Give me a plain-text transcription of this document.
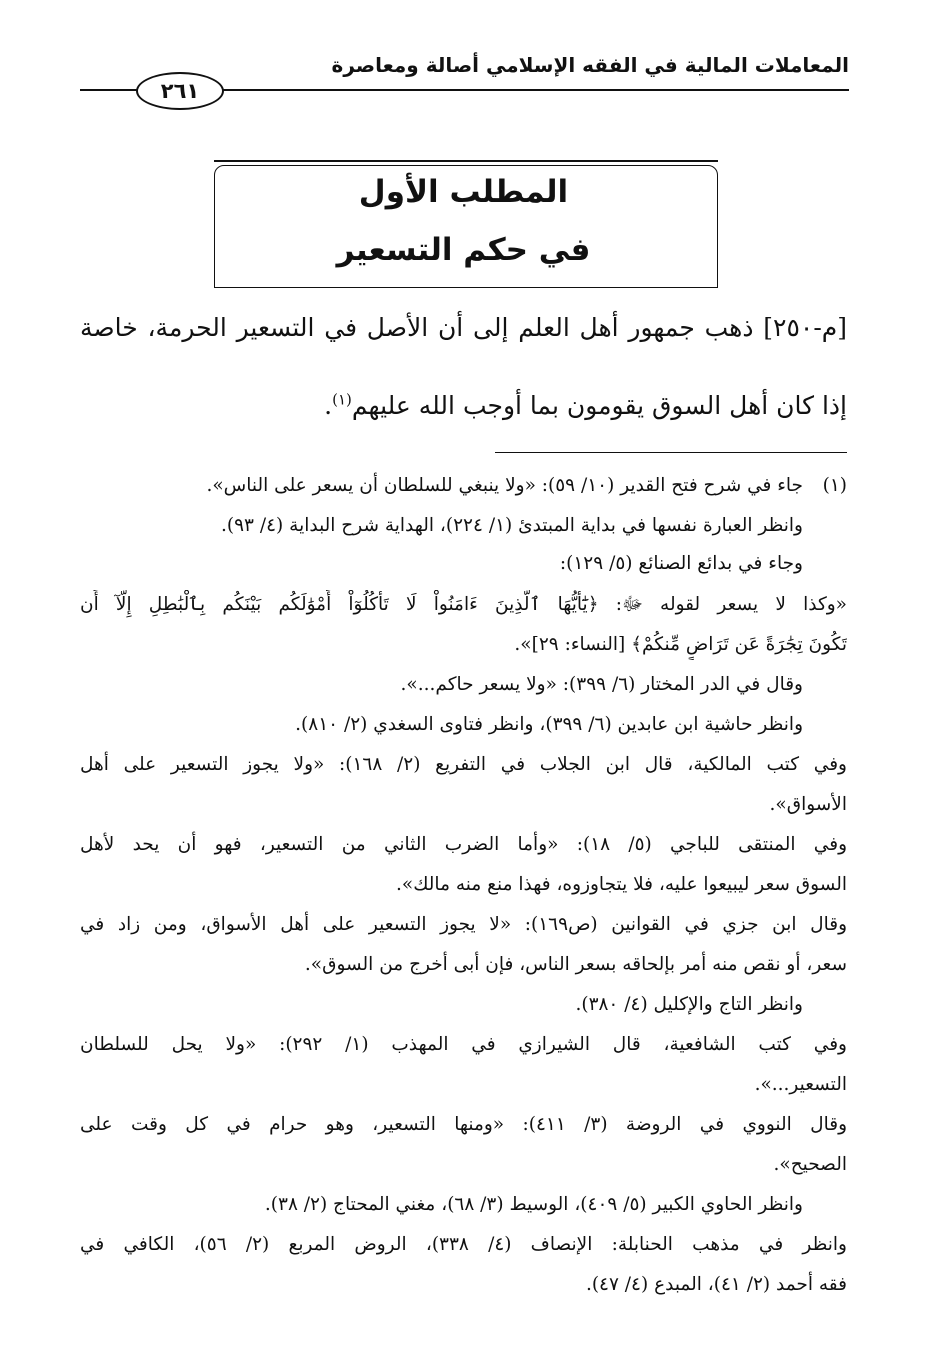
المعاملات المالية في الفقه الإسلامي أصالة ومعاصرة
٢٦١
المطلب الأول
في حكم التسعير
[م-٢٥٠] ذهب جمهور أهل العلم إلى أن الأصل في التسعير الحرمة، خاصة
إذا كان أهل السوق يقومون بما أوجب الله عليهم$^{(١)}$.
(١)
جاء في شرح فتح القدير (١٠/ ٥٩): «ولا ينبغي للسلطان أن يسعر على الناس».
وانظر العبارة نفسها في بداية المبتدئ (١/ ٢٢٤)، الهداية شرح البداية (٤/ ٩٣).
وجاء في بدائع الصنائع (٥/ ١٢٩):
«وكذا لا يسعر لقوله ﷻ: ﴿يَٰٓأَيُّهَا ٱلَّذِينَ ءَامَنُواْ لَا تَأْكُلُوٓاْ أَمْوَٰلَكُم بَيْنَكُم بِٱلْبَٰطِلِ إِلَّآ أَن
تَكُونَ تِجَٰرَةً عَن تَرَاضٍ مِّنكُمْ﴾ [النساء: ٢٩]».
وقال في الدر المختار (٦/ ٣٩٩): «ولا يسعر حاكم...».
وانظر حاشية ابن عابدين (٦/ ٣٩٩)، وانظر فتاوى السغدي (٢/ ٨١٠).
وفي كتب المالكية، قال ابن الجلاب في التفريع (٢/ ١٦٨): «ولا يجوز التسعير على أهل
الأسواق».
وفي المنتقى للباجي (٥/ ١٨): «وأما الضرب الثاني من التسعير، فهو أن يحد لأهل
السوق سعر ليبيعوا عليه، فلا يتجاوزوه، فهذا منع منه مالك».
وقال ابن جزي في القوانين (ص١٦٩): «لا يجوز التسعير على أهل الأسواق، ومن زاد في
سعر، أو نقص منه أمر بإلحاقه بسعر الناس، فإن أبى أخرج من السوق».
وانظر التاج والإكليل (٤/ ٣٨٠).
وفي كتب الشافعية، قال الشيرازي في المهذب (١/ ٢٩٢): «ولا يحل للسلطان
التسعير...».
وقال النووي في الروضة (٣/ ٤١١): «ومنها التسعير، وهو حرام في كل وقت على
الصحيح».
وانظر الحاوي الكبير (٥/ ٤٠٩)، الوسيط (٣/ ٦٨)، مغني المحتاج (٢/ ٣٨).
وانظر في مذهب الحنابلة: الإنصاف (٤/ ٣٣٨)، الروض المربع (٢/ ٥٦)، الكافي في
فقه أحمد (٢/ ٤١)، المبدع (٤/ ٤٧).
